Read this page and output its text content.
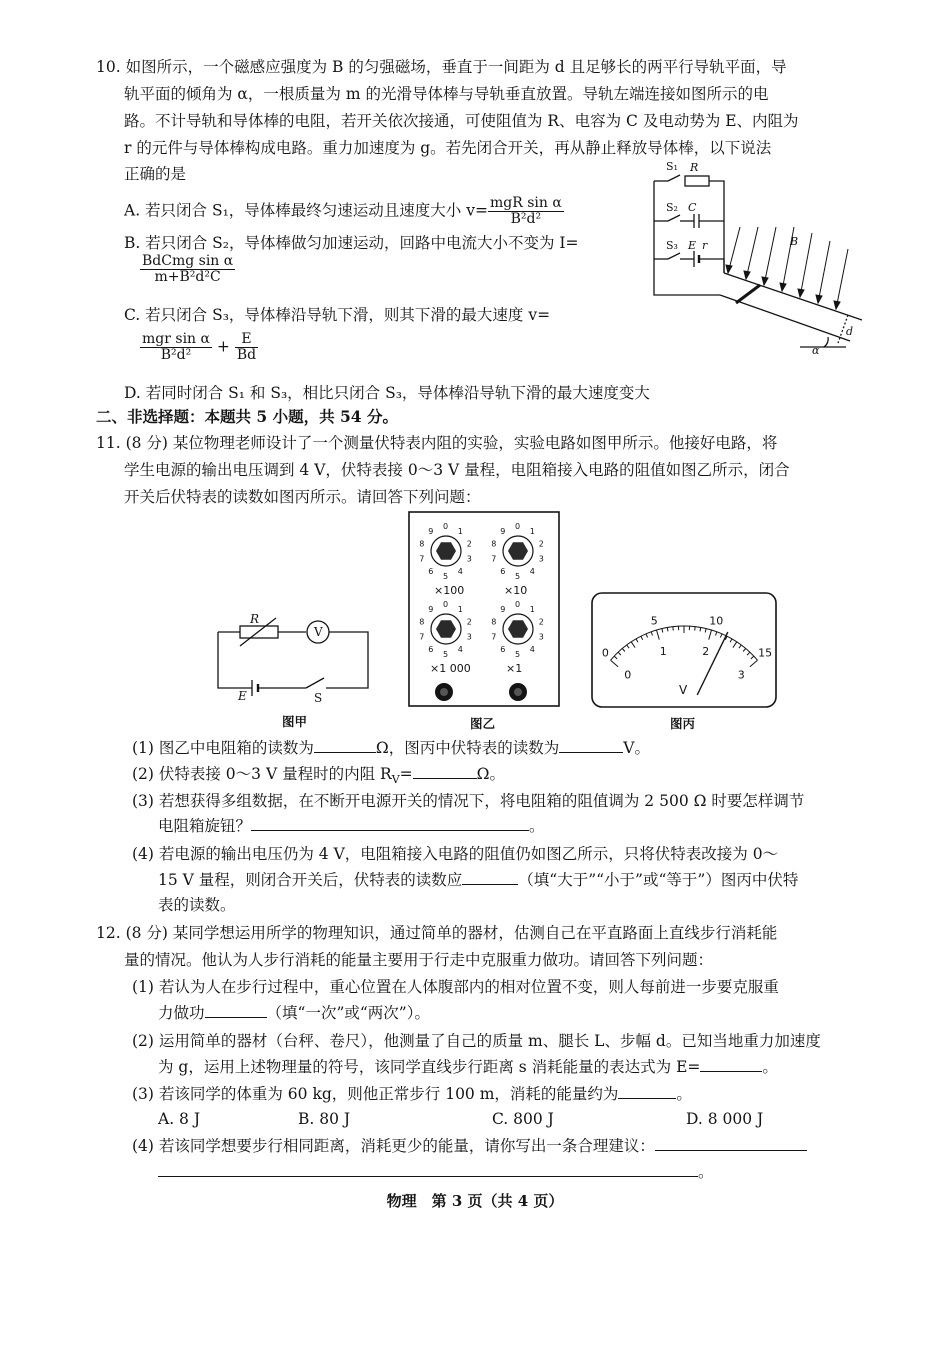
10. 如图所示，一个磁感应强度为 B 的匀强磁场，垂直于一间距为 d 且足够长的两平行导轨平面，导
轨平面的倾角为 α，一根质量为 m 的光滑导体棒与导轨垂直放置。导轨左端连接如图所示的电
路。不计导轨和导体棒的电阻，若开关依次接通，可使阻值为 R、电容为 C 及电动势为 E、内阻为
r 的元件与导体棒构成电路。重力加速度为 g。若先闭合开关，再从静止释放导体棒，以下说法
正确的是
A. 若只闭合 S₁，导体棒最终匀速运动且速度大小 $v= \frac{\text{mgR sin α}}{\text{B²d²}}$
B. 若只闭合 S₂，导体棒做匀加速运动，回路中电流大小不变为 I=
$\frac{\text{BdCmg sin α}}{\text{m+B²d²C}}$
C. 若只闭合 S₃，导体棒沿导轨下滑，则其下滑的最大速度 v=
$\frac{\text{mgr sin α}}{\text{B²d²}} + \frac{E}{Bd}$
D. 若同时闭合 S₁ 和 S₃，相比只闭合 S₃，导体棒沿导轨下滑的最大速度变大
S₁ R
S₂ C
S₃ E r	B
d
α
二、非选择题：本题共 5 小题，共 54 分。
11. (8 分) 某位物理老师设计了一个测量伏特表内阻的实验，实验电路如图甲所示。他接好电路，将
学生电源的输出电压调到 4 V，伏特表接 0～3 V 量程，电阻箱接入电路的阻值如图乙所示，闭合
开关后伏特表的读数如图丙所示。请回答下列问题：
R
V
E	S
图甲
0
1
2
3
4
5
6
7
8
9
0
1
2
3
4
5
6
7
8
9
0
1
2
3
4
5
6
7
8
9
0
1
2
3
4
5
6
7
8
9
×100	×10
×1 000	×1
图乙
0
5	10
15
0
1	2
3
V
图丙
(1) 图乙中电阻箱的读数为	Ω，图丙中伏特表的读数为	V。
(2) 伏特表接 0～3 V 量程时的内阻 $R_V=$	Ω。
(3) 若想获得多组数据，在不断开电源开关的情况下，将电阻箱的阻值调为 2 500 Ω 时要怎样调节
电阻箱旋钮？	。
(4) 若电源的输出电压仍为 4 V，电阻箱接入电路的阻值仍如图乙所示，只将伏特表改接为 0～
15 V 量程，则闭合开关后，伏特表的读数应	（填“大于”“小于”或“等于”）图丙中伏特
表的读数。
12. (8 分) 某同学想运用所学的物理知识，通过简单的器材，估测自己在平直路面上直线步行消耗能
量的情况。他认为人步行消耗的能量主要用于行走中克服重力做功。请回答下列问题：
(1) 若认为人在步行过程中，重心位置在人体腹部内的相对位置不变，则人每前进一步要克服重
力做功	（填“一次”或“两次”）。
(2) 运用简单的器材（台秤、卷尺），他测量了自己的质量 m、腿长 L、步幅 d。已知当地重力加速度
为 g，运用上述物理量的符号，该同学直线步行距离 s 消耗能量的表达式为 E=	。
(3) 若该同学的体重为 60 kg，则他正常步行 100 m，消耗的能量约为	。
A. 8 J	B. 80 J	C. 800 J	D. 8 000 J
(4) 若该同学想要步行相同距离，消耗更少的能量，请你写出一条合理建议：
。
物理　第 3 页（共 4 页）
